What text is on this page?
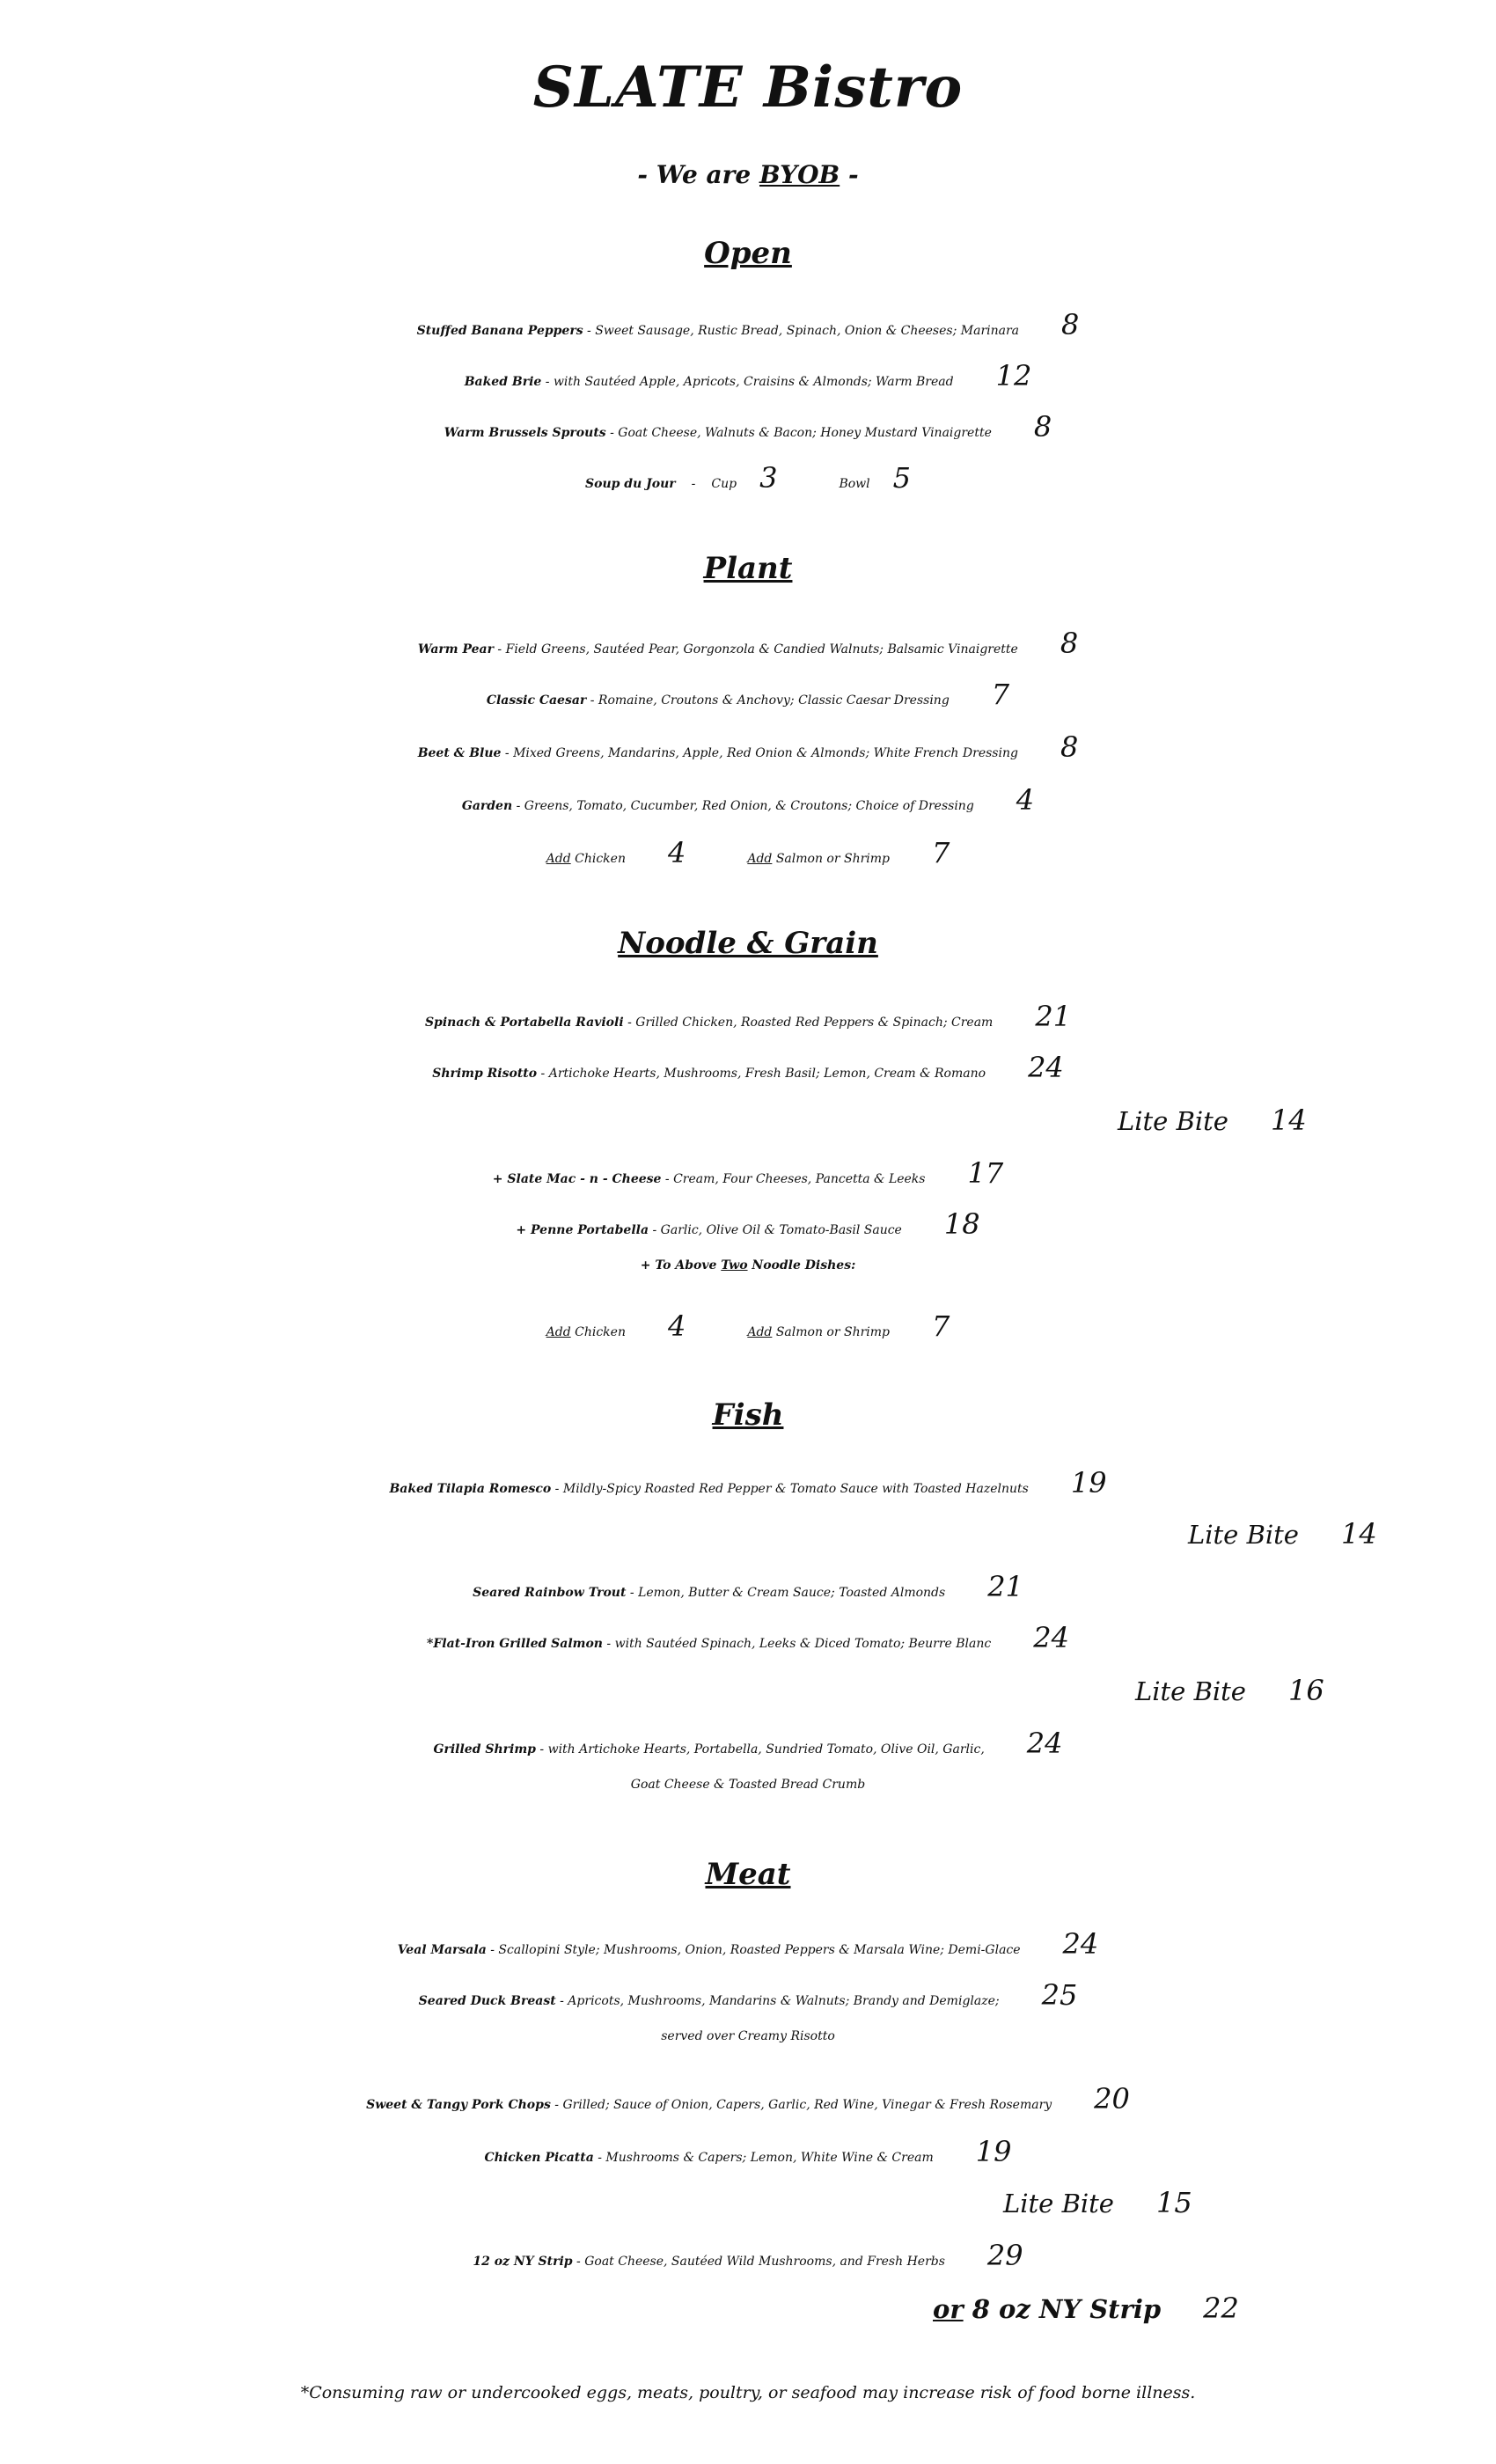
SLATE Bistro
- We are BYOB -
Open
Stuffed Banana Peppers - Sweet Sausage, Rustic Bread, Spinach, Onion & Cheeses; Marinara 8
Baked Brie - with Sautéed Apple, Apricots, Craisins & Almonds; Warm Bread 12
Warm Brussels Sprouts - Goat Cheese, Walnuts & Bacon; Honey Mustard Vinaigrette 8
Soup du Jour - Cup 3	Bowl 5
Plant
Warm Pear - Field Greens, Sautéed Pear, Gorgonzola & Candied Walnuts; Balsamic Vinaigrette 8
Classic Caesar - Romaine, Croutons & Anchovy; Classic Caesar Dressing 7
Beet & Blue - Mixed Greens, Mandarins, Apple, Red Onion & Almonds; White French Dressing 8
Garden - Greens, Tomato, Cucumber, Red Onion, & Croutons; Choice of Dressing 4
Add Chicken 4	Add Salmon or Shrimp 7
Noodle & Grain
Spinach & Portabella Ravioli - Grilled Chicken, Roasted Red Peppers & Spinach; Cream 21
Shrimp Risotto - Artichoke Hearts, Mushrooms, Fresh Basil; Lemon, Cream & Romano 24
Lite Bite 14
+ Slate Mac - n - Cheese - Cream, Four Cheeses, Pancetta & Leeks 17
+ Penne Portabella - Garlic, Olive Oil & Tomato-Basil Sauce 18
+ To Above Two Noodle Dishes:
Add Chicken 4	Add Salmon or Shrimp 7
Fish
Baked Tilapia Romesco - Mildly-Spicy Roasted Red Pepper & Tomato Sauce with Toasted Hazelnuts 19
Lite Bite 14
Seared Rainbow Trout - Lemon, Butter & Cream Sauce; Toasted Almonds 21
*Flat-Iron Grilled Salmon - with Sautéed Spinach, Leeks & Diced Tomato; Beurre Blanc 24
Lite Bite 16
Grilled Shrimp - with Artichoke Hearts, Portabella, Sundried Tomato, Olive Oil, Garlic, 24
Goat Cheese & Toasted Bread Crumb
Meat
Veal Marsala - Scallopini Style; Mushrooms, Onion, Roasted Peppers & Marsala Wine; Demi-Glace 24
Seared Duck Breast - Apricots, Mushrooms, Mandarins & Walnuts; Brandy and Demiglaze; 25
served over Creamy Risotto
Sweet & Tangy Pork Chops - Grilled; Sauce of Onion, Capers, Garlic, Red Wine, Vinegar & Fresh Rosemary 20
Chicken Picatta - Mushrooms & Capers; Lemon, White Wine & Cream 19
Lite Bite 15
12 oz NY Strip - Goat Cheese, Sautéed Wild Mushrooms, and Fresh Herbs 29
or 8 oz NY Strip 22
*Consuming raw or undercooked eggs, meats, poultry, or seafood may increase risk of food borne illness.
